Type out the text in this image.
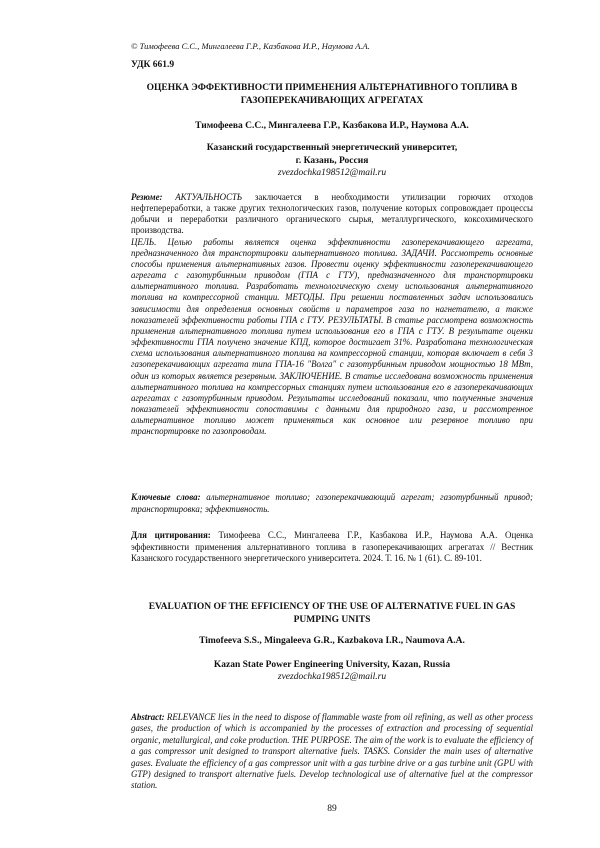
© Тимофеева С.С., Мингалеева Г.Р., Казбакова И.Р., Наумова А.А.
УДК 661.9
ОЦЕНКА ЭФФЕКТИВНОСТИ ПРИМЕНЕНИЯ АЛЬТЕРНАТИВНОГО ТОПЛИВА В ГАЗОПЕРЕКАЧИВАЮЩИХ АГРЕГАТАХ
Тимофеева С.С., Мингалеева Г.Р., Казбакова И.Р., Наумова А.А.
Казанский государственный энергетический университет,
г. Казань, Россия
zvezdochka198512@mail.ru
Резюме: АКТУАЛЬНОСТЬ заключается в необходимости утилизации горючих отходов нефтепереработки, а также других технологических газов, получение которых сопровождает процессы добычи и переработки различного органического сырья, металлургического, коксохимического производства.
ЦЕЛЬ. Целью работы является оценка эффективности газоперекачивающего агрегата, предназначенного для транспортировки альтернативного топлива. ЗАДАЧИ. Рассмотреть основные способы применения альтернативных газов. Провести оценку эффективности газоперекачивающего агрегата с газотурбинным приводом (ГПА с ГТУ), предназначенного для транспортировки альтернативного топлива. Разработать технологическую схему использования альтернативного топлива на компрессорной станции. МЕТОДЫ. При решении поставленных задач использовались зависимости для определения основных свойств и параметров газа по нагнетателю, а также показателей эффективности работы ГПА с ГТУ. РЕЗУЛЬТАТЫ. В статье рассмотрена возможность применения альтернативного топлива путем использования его в ГПА с ГТУ. В результате оценки эффективности ГПА получено значение КПД, которое достигает 31%. Разработана технологическая схема использования альтернативного топлива на компрессорной станции, которая включает в себя 3 газоперекачивающих агрегата типа ГПА-16 "Волга" с газотурбинным приводом мощностью 18 МВт, один из которых является резервным. ЗАКЛЮЧЕНИЕ. В статье исследована возможность применения альтернативного топлива на компрессорных станциях путем использования его в газоперекачивающих агрегатах с газотурбинным приводом. Результаты исследований показали, что полученные значения показателей эффективности сопоставимы с данными для природного газа, и рассмотренное альтернативное топливо может применяться как основное или резервное топливо при транспортировке по газопроводам.
Ключевые слова: альтернативное топливо; газоперекачивающий агрегат; газотурбинный привод; транспортировка; эффективность.
Для цитирования: Тимофеева С.С., Мингалеева Г.Р., Казбакова И.Р., Наумова А.А. Оценка эффективности применения альтернативного топлива в газоперекачивающих агрегатах // Вестник Казанского государственного энергетического университета. 2024. Т. 16. № 1 (61). С. 89-101.
EVALUATION OF THE EFFICIENCY OF THE USE OF ALTERNATIVE FUEL IN GAS PUMPING UNITS
Timofeeva S.S., Mingaleeva G.R., Kazbakova I.R., Naumova A.A.
Kazan State Power Engineering University, Kazan, Russia
zvezdochka198512@mail.ru
Abstract: RELEVANCE lies in the need to dispose of flammable waste from oil refining, as well as other process gases, the production of which is accompanied by the processes of extraction and processing of sequential organic, metallurgical, and coke production. THE PURPOSE. The aim of the work is to evaluate the efficiency of a gas compressor unit designed to transport alternative fuels. TASKS. Consider the main uses of alternative gases. Evaluate the efficiency of a gas compressor unit with a gas turbine drive or a gas turbine unit (GPU with GTP) designed to transport alternative fuels. Develop technological use of alternative fuel at the compressor station.
89
